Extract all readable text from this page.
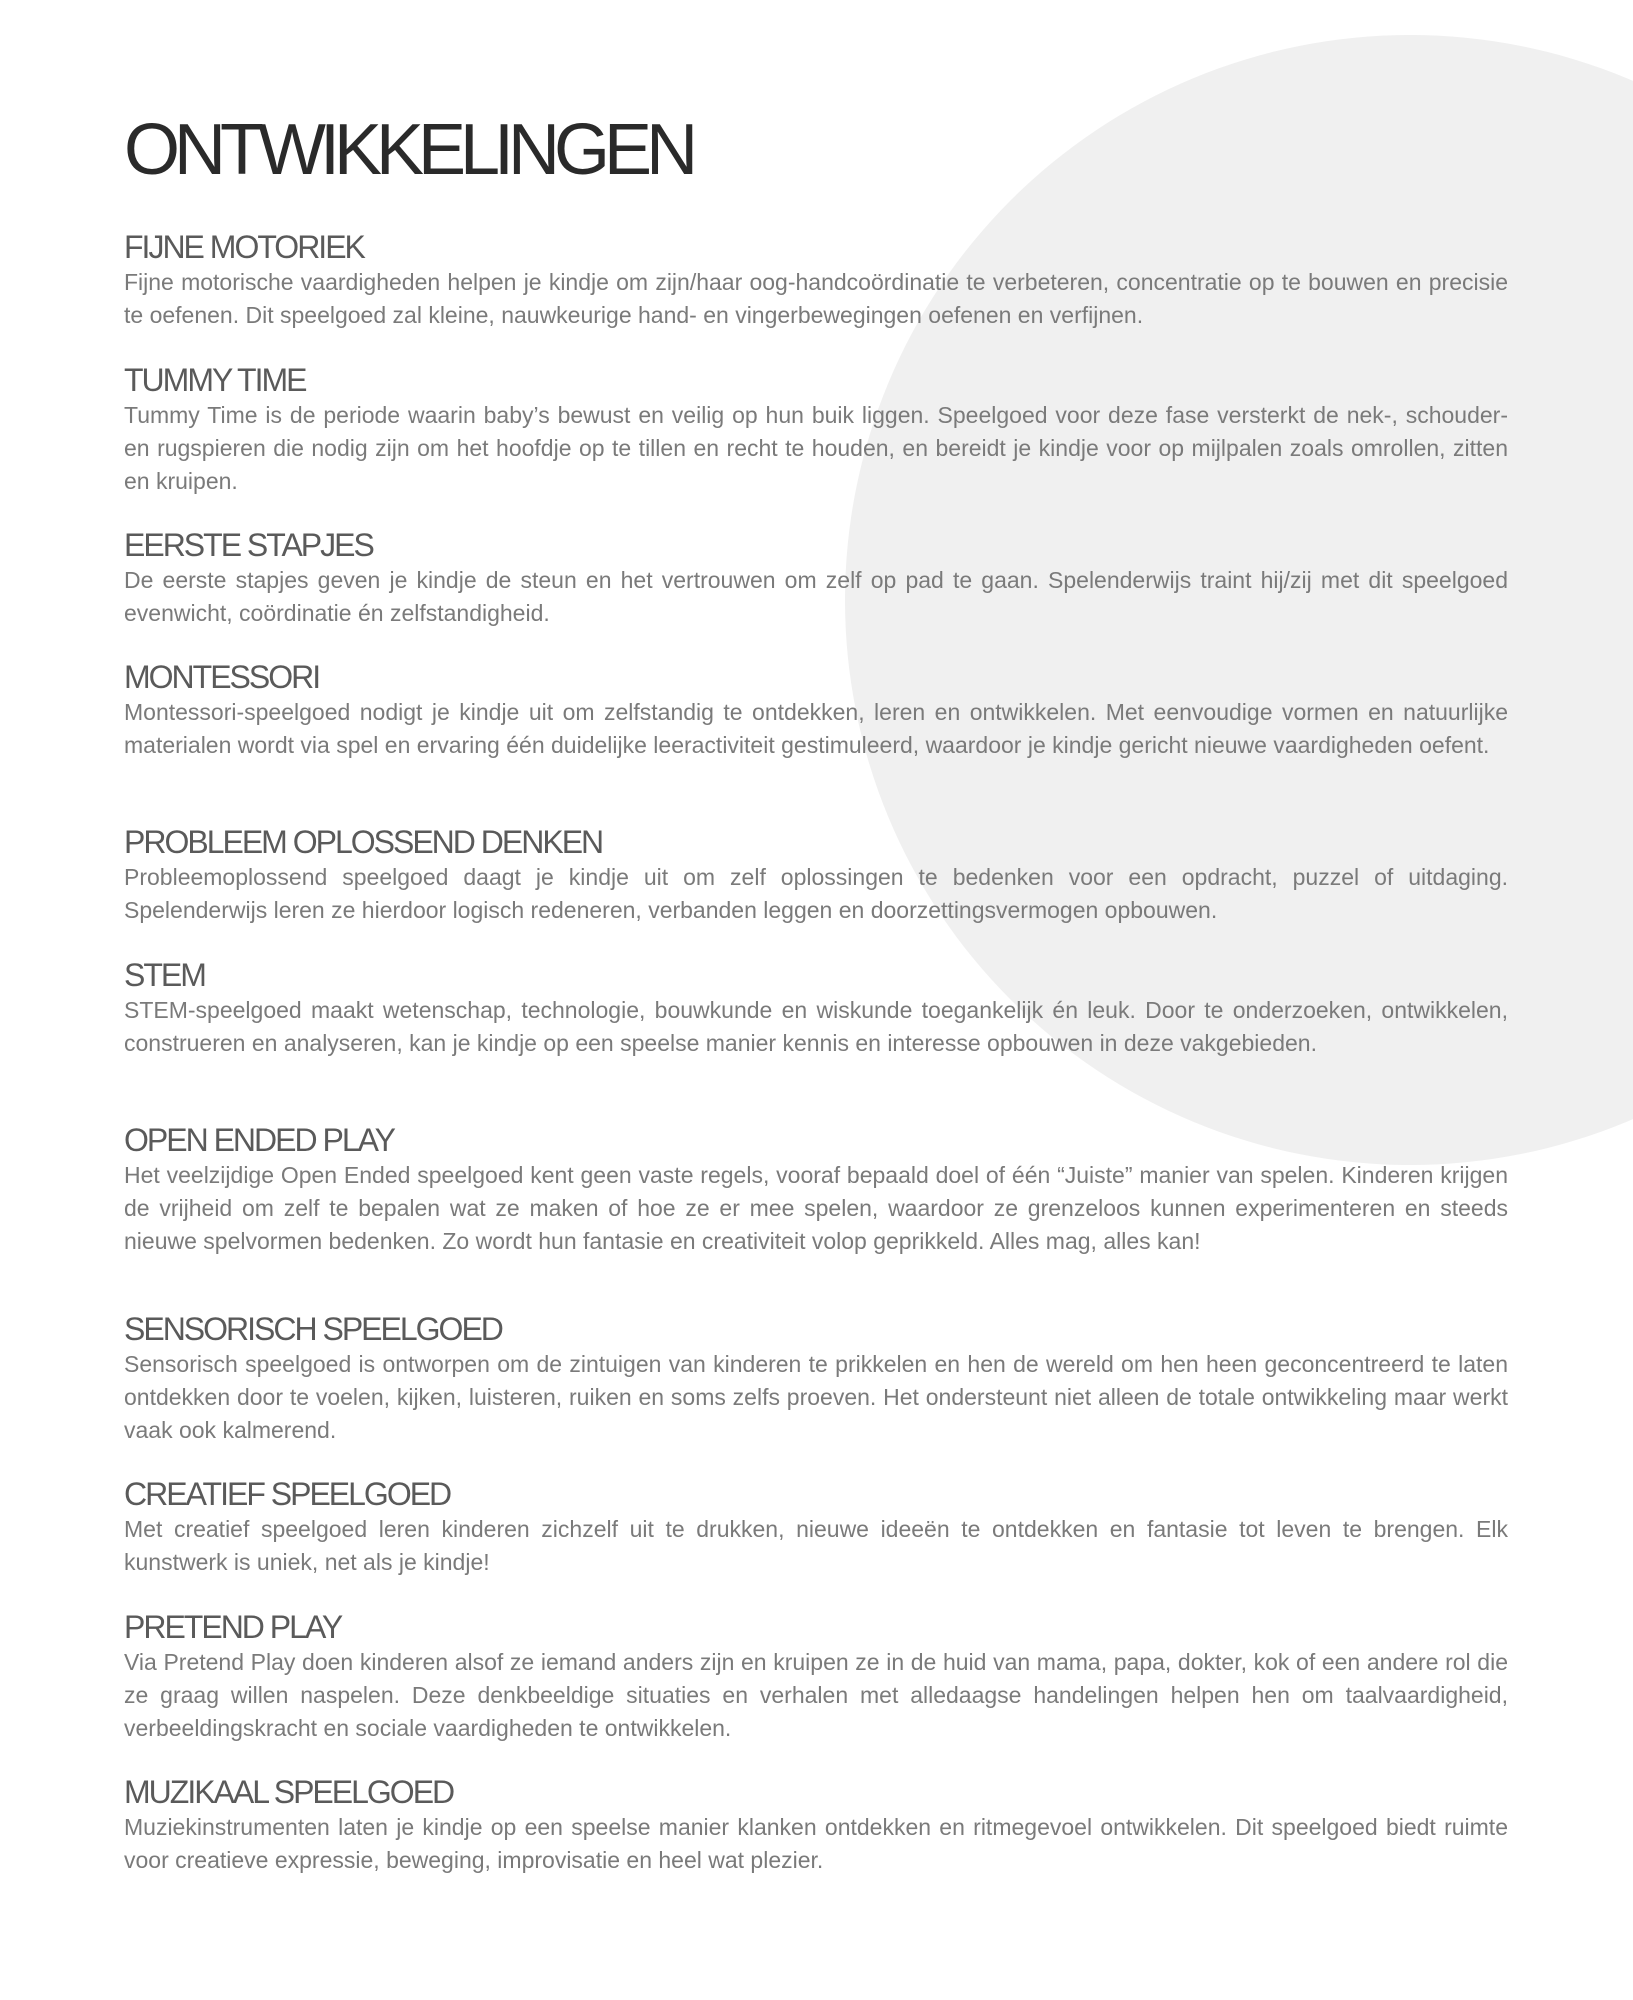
ONTWIKKELINGEN
FIJNE MOTORIEK

Fijne motorische vaardigheden helpen je kindje om zijn/haar oog-handcoördinatie te verbeteren, concentratie op te bouwen en precisie te oefenen. Dit speelgoed zal kleine, nauwkeurige hand- en vingerbewegingen oefenen en verfijnen.

TUMMY TIME

Tummy Time is de periode waarin baby’s bewust en veilig op hun buik liggen. Speelgoed voor deze fase versterkt de nek-, schouder- en rugspieren die nodig zijn om het hoofdje op te tillen en recht te houden, en bereidt je kindje voor op mijlpalen zoals omrollen, zitten en kruipen.

EERSTE STAPJES

De eerste stapjes geven je kindje de steun en het vertrouwen om zelf op pad te gaan. Spelenderwijs traint hij/zij met dit speelgoed evenwicht, coördinatie én zelfstandigheid.

MONTESSORI

Montessori-speelgoed nodigt je kindje uit om zelfstandig te ontdekken, leren en ontwikkelen. Met eenvoudige vormen en natuurlijke materialen wordt via spel en ervaring één duidelijke leeractiviteit gestimuleerd, waardoor je kindje gericht nieuwe vaardigheden oefent.

PROBLEEM OPLOSSEND DENKEN

Probleemoplossend speelgoed daagt je kindje uit om zelf oplossingen te bedenken voor een opdracht, puzzel of uitdaging. Spelenderwijs leren ze hierdoor logisch redeneren, verbanden leggen en doorzettingsvermogen opbouwen.

STEM

STEM-speelgoed maakt wetenschap, technologie, bouwkunde en wiskunde toegankelijk én leuk. Door te onderzoeken, ontwikkelen, construeren en analyseren, kan je kindje op een speelse manier kennis en interesse opbouwen in deze vakgebieden.

OPEN ENDED PLAY

Het veelzijdige Open Ended speelgoed kent geen vaste regels, vooraf bepaald doel of één “Juiste” manier van spelen. Kinderen krijgen de vrijheid om zelf te bepalen wat ze maken of hoe ze er mee spelen, waardoor ze grenzeloos kunnen experimenteren en steeds nieuwe spelvormen bedenken. Zo wordt hun fantasie en creativiteit volop geprikkeld. Alles mag, alles kan!

SENSORISCH SPEELGOED

Sensorisch speelgoed is ontworpen om de zintuigen van kinderen te prikkelen en hen de wereld om hen heen geconcentreerd te laten ontdekken door te voelen, kijken, luisteren, ruiken en soms zelfs proeven. Het ondersteunt niet alleen de totale ontwikkeling maar werkt vaak ook kalmerend.

CREATIEF SPEELGOED

Met creatief speelgoed leren kinderen zichzelf uit te drukken, nieuwe ideeën te ontdekken en fantasie tot leven te brengen. Elk kunstwerk is uniek, net als je kindje!

PRETEND PLAY

Via Pretend Play doen kinderen alsof ze iemand anders zijn en kruipen ze in de huid van mama, papa, dokter, kok of een andere rol die ze graag willen naspelen. Deze denkbeeldige situaties en verhalen met alledaagse handelingen helpen hen om taalvaardigheid, verbeeldingskracht en sociale vaardigheden te ontwikkelen.

MUZIKAAL SPEELGOED

Muziekinstrumenten laten je kindje op een speelse manier klanken ontdekken en ritmegevoel ontwikkelen. Dit speelgoed biedt ruimte voor creatieve expressie, beweging, improvisatie en heel wat plezier.
